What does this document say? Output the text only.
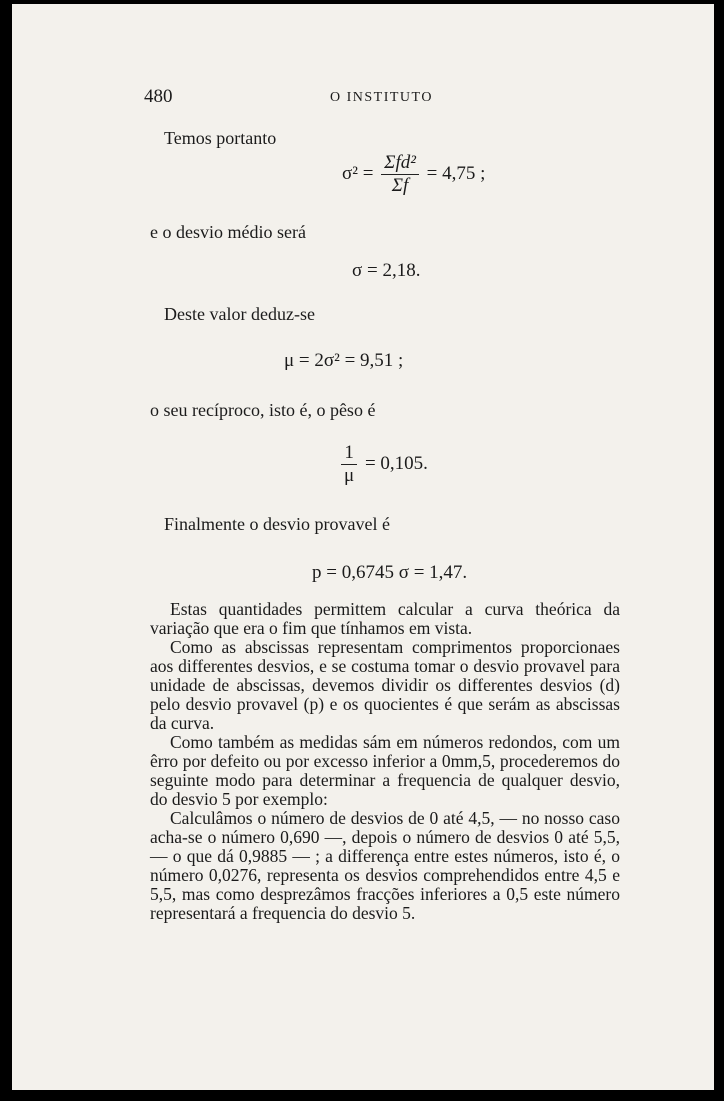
480	O INSTITUTO

Temos portanto

$\sigma^2 = \frac{\text{Σfd²}}{\Sigma f} = 4,75$ ;

e o desvio médio será

σ = 2,18.

Deste valor deduz-se

μ = 2σ² = 9,51 ;

o seu recíproco, isto é, o pêso é

$\frac{1}{\mu} = 0,105$.

Finalmente o desvio provavel é

p = 0,6745 σ = 1,47.

Estas quantidades permittem calcular a curva theórica da variação que era o fim que tínhamos em vista.

Como as abscissas representam comprimentos proporcionaes aos differentes desvios, e se costuma tomar o desvio provavel para unidade de abscissas, devemos dividir os differentes desvios (d) pelo desvio provavel (p) e os quocientes é que serám as abscissas da curva.

Como também as medidas sám em números redondos, com um êrro por defeito ou por excesso inferior a 0mm,5, procederemos do seguinte modo para determinar a frequencia de qualquer desvio, do desvio 5 por exemplo:

Calculâmos o número de desvios de 0 até 4,5, — no nosso caso acha-se o número 0,690 —, depois o número de desvios 0 até 5,5, — o que dá 0,9885 — ; a differença entre estes números, isto é, o número 0,0276, representa os desvios comprehendidos entre 4,5 e 5,5, mas como desprezâmos fracções inferiores a 0,5 este número representará a frequencia do desvio 5.
